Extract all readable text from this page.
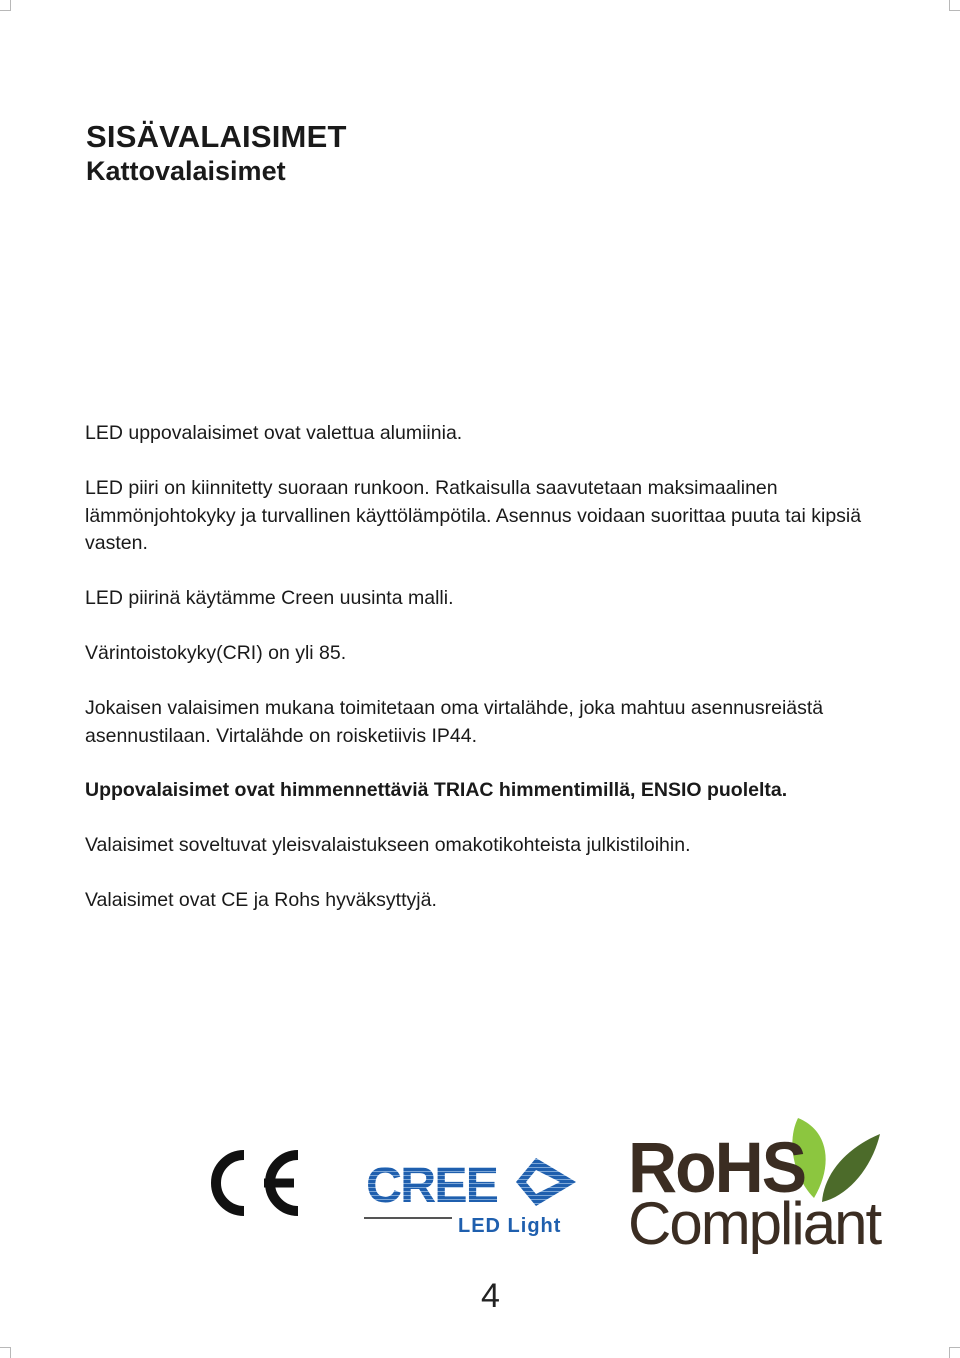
SISÄVALAISIMET
Kattovalaisimet

LED uppovalaisimet ovat valettua alumiinia.

LED piiri on kiinnitetty suoraan runkoon. Ratkaisulla saavutetaan maksimaalinen lämmönjohtokyky ja turvallinen käyttölämpötila. Asennus voidaan suorittaa puuta tai kipsiä vasten.

LED piirinä käytämme Creen uusinta malli.

Värintoistokyky(CRI) on yli 85.

Jokaisen valaisimen mukana toimitetaan oma virtalähde, joka mahtuu asennusreiästä asennustilaan. Virtalähde on roisketiivis IP44.

Uppovalaisimet ovat himmennettäviä TRIAC himmentimillä, ENSIO puolelta.

Valaisimet soveltuvat yleisvalaistukseen omakotikohteista julkistiloihin.

Valaisimet ovat CE ja Rohs hyväksyttyjä.

CREE
LED Light
RoHS
Compliant

4
